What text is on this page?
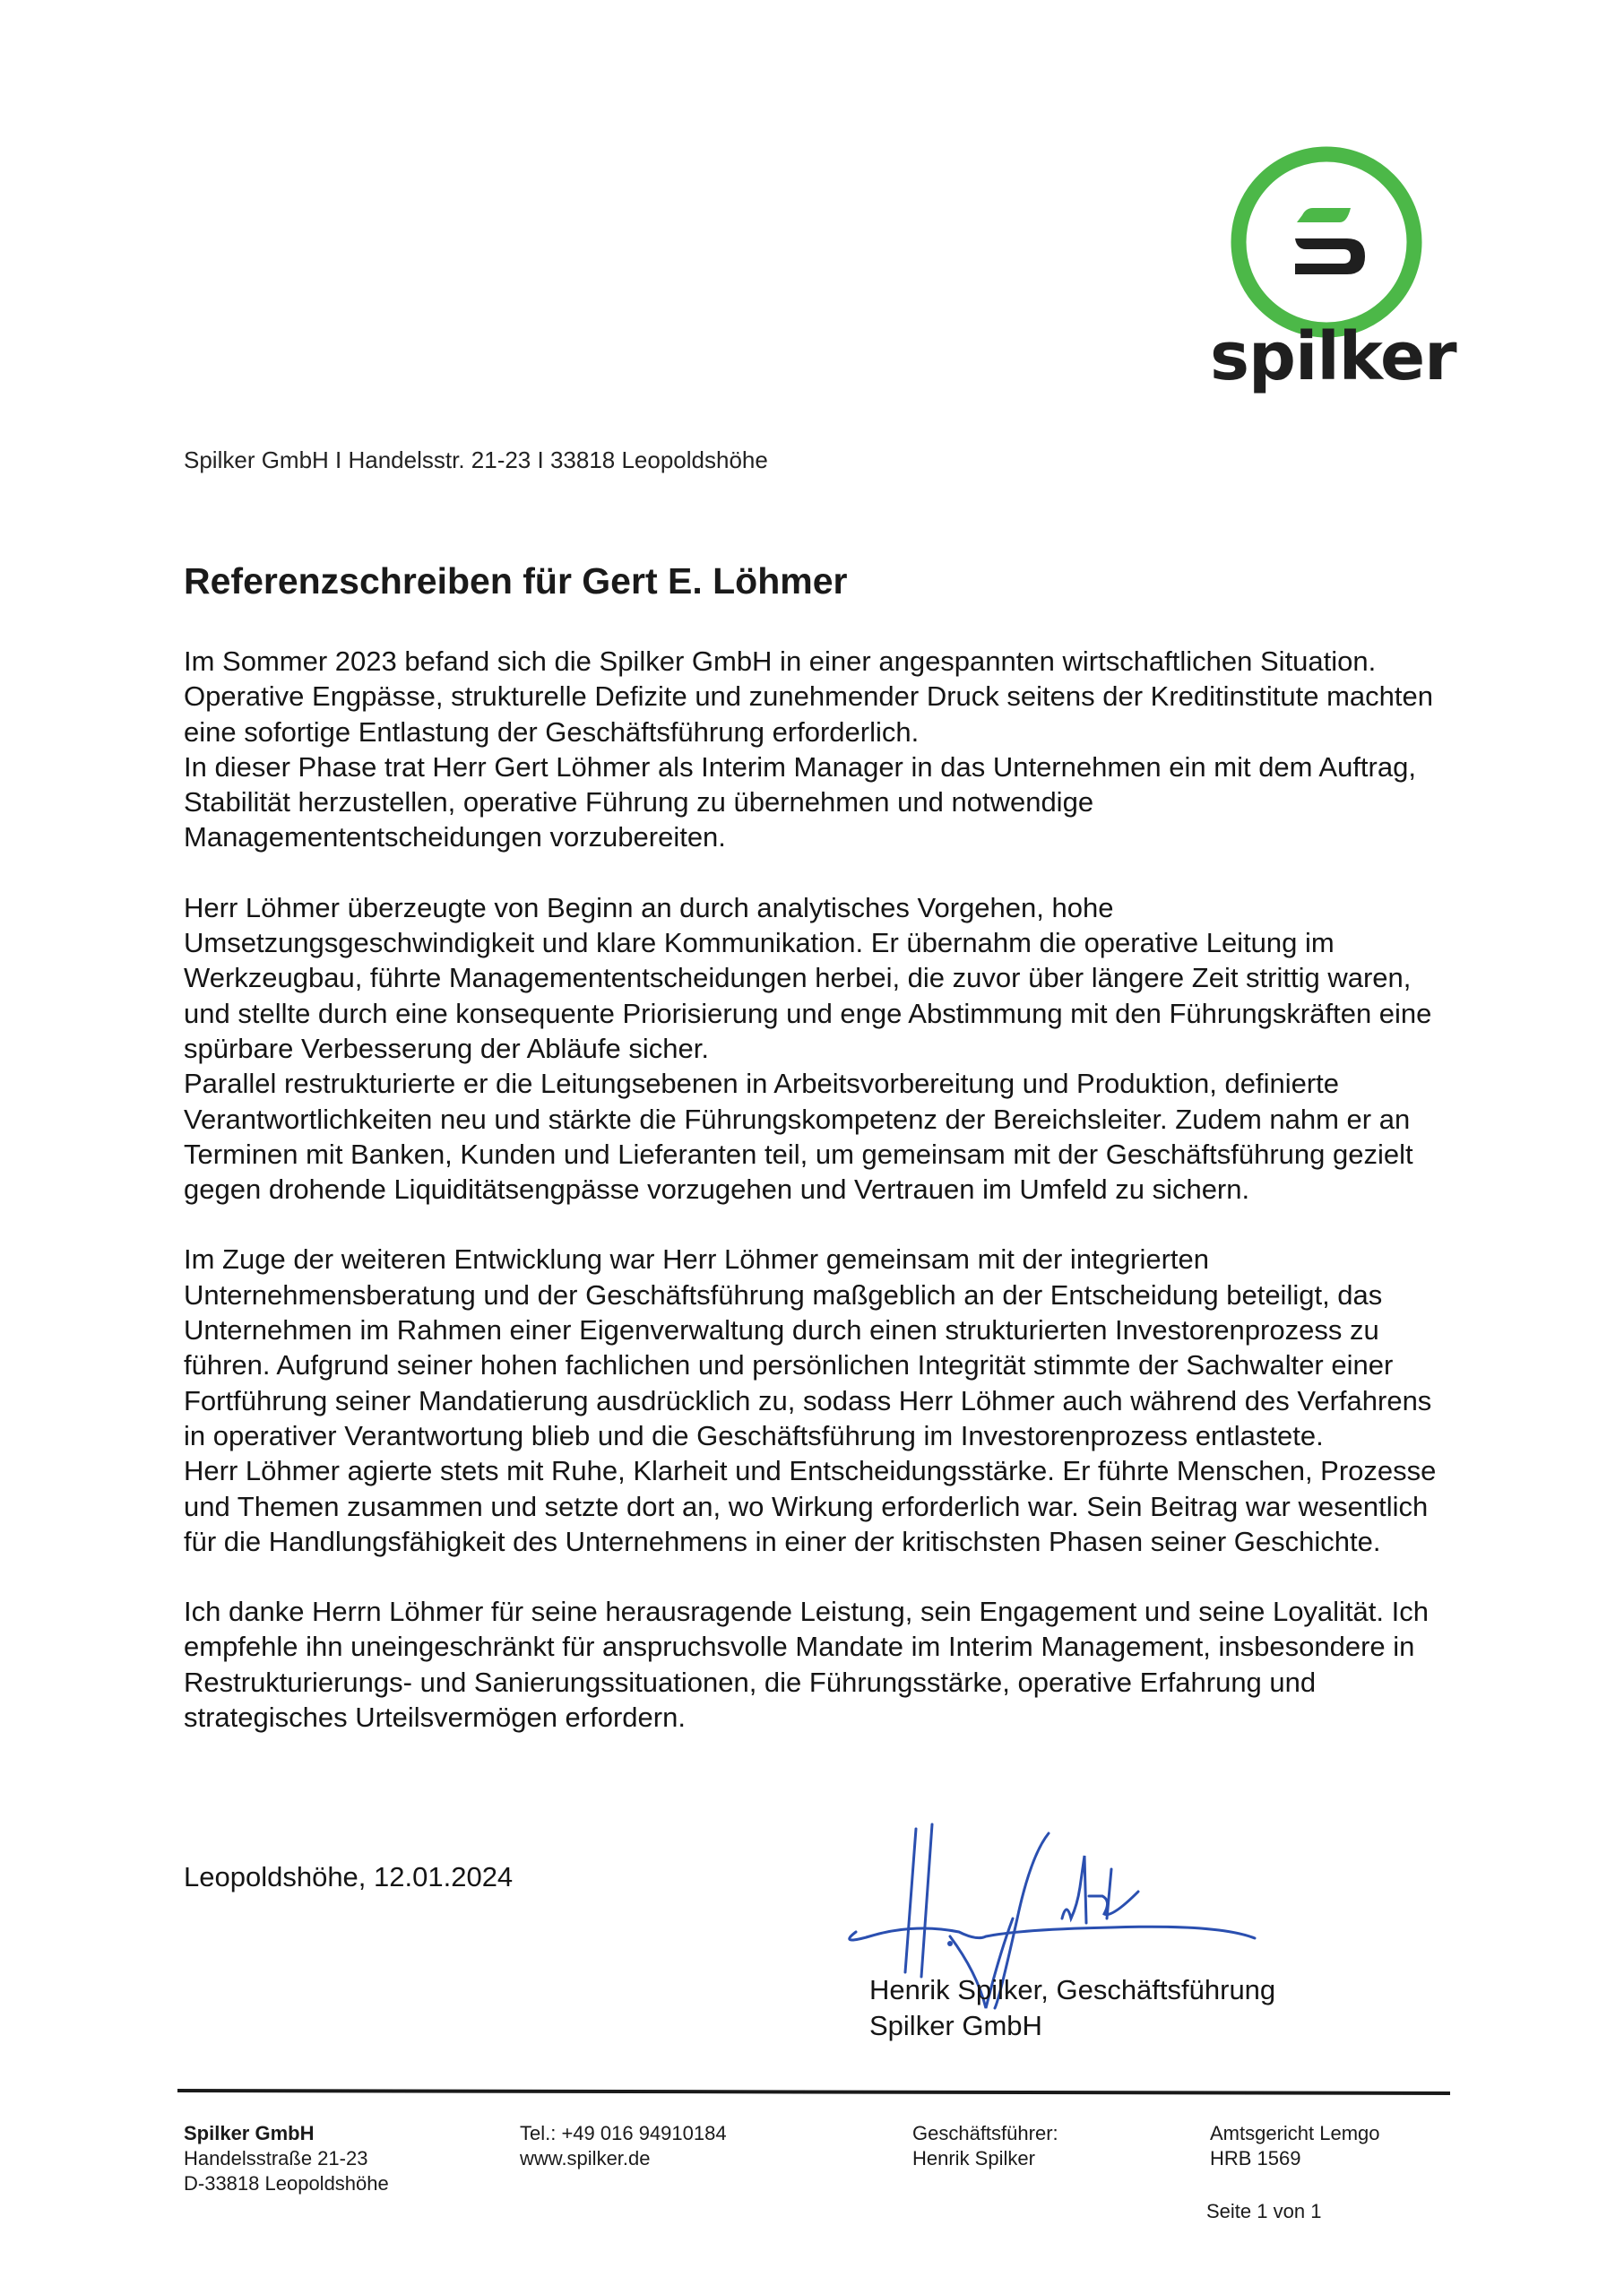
spilker
Spilker GmbH I Handelsstr. 21-23 I 33818 Leopoldshöhe
Referenzschreiben für Gert E. Löhmer

Im Sommer 2023 befand sich die Spilker GmbH in einer angespannten wirtschaftlichen Situation. Operative Engpässe, strukturelle Defizite und zunehmender Druck seitens der Kreditinstitute machten eine sofortige Entlastung der Geschäftsführung erforderlich.
In dieser Phase trat Herr Gert Löhmer als Interim Manager in das Unternehmen ein mit dem Auftrag, Stabilität herzustellen, operative Führung zu übernehmen und notwendige Managemententscheidungen vorzubereiten.

Herr Löhmer überzeugte von Beginn an durch analytisches Vorgehen, hohe Umsetzungsgeschwindigkeit und klare Kommunikation. Er übernahm die operative Leitung im Werkzeugbau, führte Managemententscheidungen herbei, die zuvor über längere Zeit strittig waren, und stellte durch eine konsequente Priorisierung und enge Abstimmung mit den Führungskräften eine spürbare Verbesserung der Abläufe sicher.
Parallel restrukturierte er die Leitungsebenen in Arbeitsvorbereitung und Produktion, definierte Verantwortlichkeiten neu und stärkte die Führungskompetenz der Bereichsleiter. Zudem nahm er an Terminen mit Banken, Kunden und Lieferanten teil, um gemeinsam mit der Geschäftsführung gezielt gegen drohende Liquiditätsengpässe vorzugehen und Vertrauen im Umfeld zu sichern.

Im Zuge der weiteren Entwicklung war Herr Löhmer gemeinsam mit der integrierten Unternehmensberatung und der Geschäftsführung maßgeblich an der Entscheidung beteiligt, das Unternehmen im Rahmen einer Eigenverwaltung durch einen strukturierten Investorenprozess zu führen. Aufgrund seiner hohen fachlichen und persönlichen Integrität stimmte der Sachwalter einer Fortführung seiner Mandatierung ausdrücklich zu, sodass Herr Löhmer auch während des Verfahrens in operativer Verantwortung blieb und die Geschäftsführung im Investorenprozess entlastete.
Herr Löhmer agierte stets mit Ruhe, Klarheit und Entscheidungsstärke. Er führte Menschen, Prozesse und Themen zusammen und setzte dort an, wo Wirkung erforderlich war. Sein Beitrag war wesentlich für die Handlungsfähigkeit des Unternehmens in einer der kritischsten Phasen seiner Geschichte.

Ich danke Herrn Löhmer für seine herausragende Leistung, sein Engagement und seine Loyalität. Ich empfehle ihn uneingeschränkt für anspruchsvolle Mandate im Interim Management, insbesondere in Restrukturierungs- und Sanierungssituationen, die Führungsstärke, operative Erfahrung und strategisches Urteilsvermögen erfordern.

Leopoldshöhe, 12.01.2024
Henrik Spilker, Geschäftsführung
Spilker GmbH
Spilker GmbH
Handelsstraße 21-23
D-33818 Leopoldshöhe
Tel.: +49 016 94910184
www.spilker.de
Geschäftsführer:
Henrik Spilker
Amtsgericht Lemgo
HRB 1569
Seite 1 von 1
